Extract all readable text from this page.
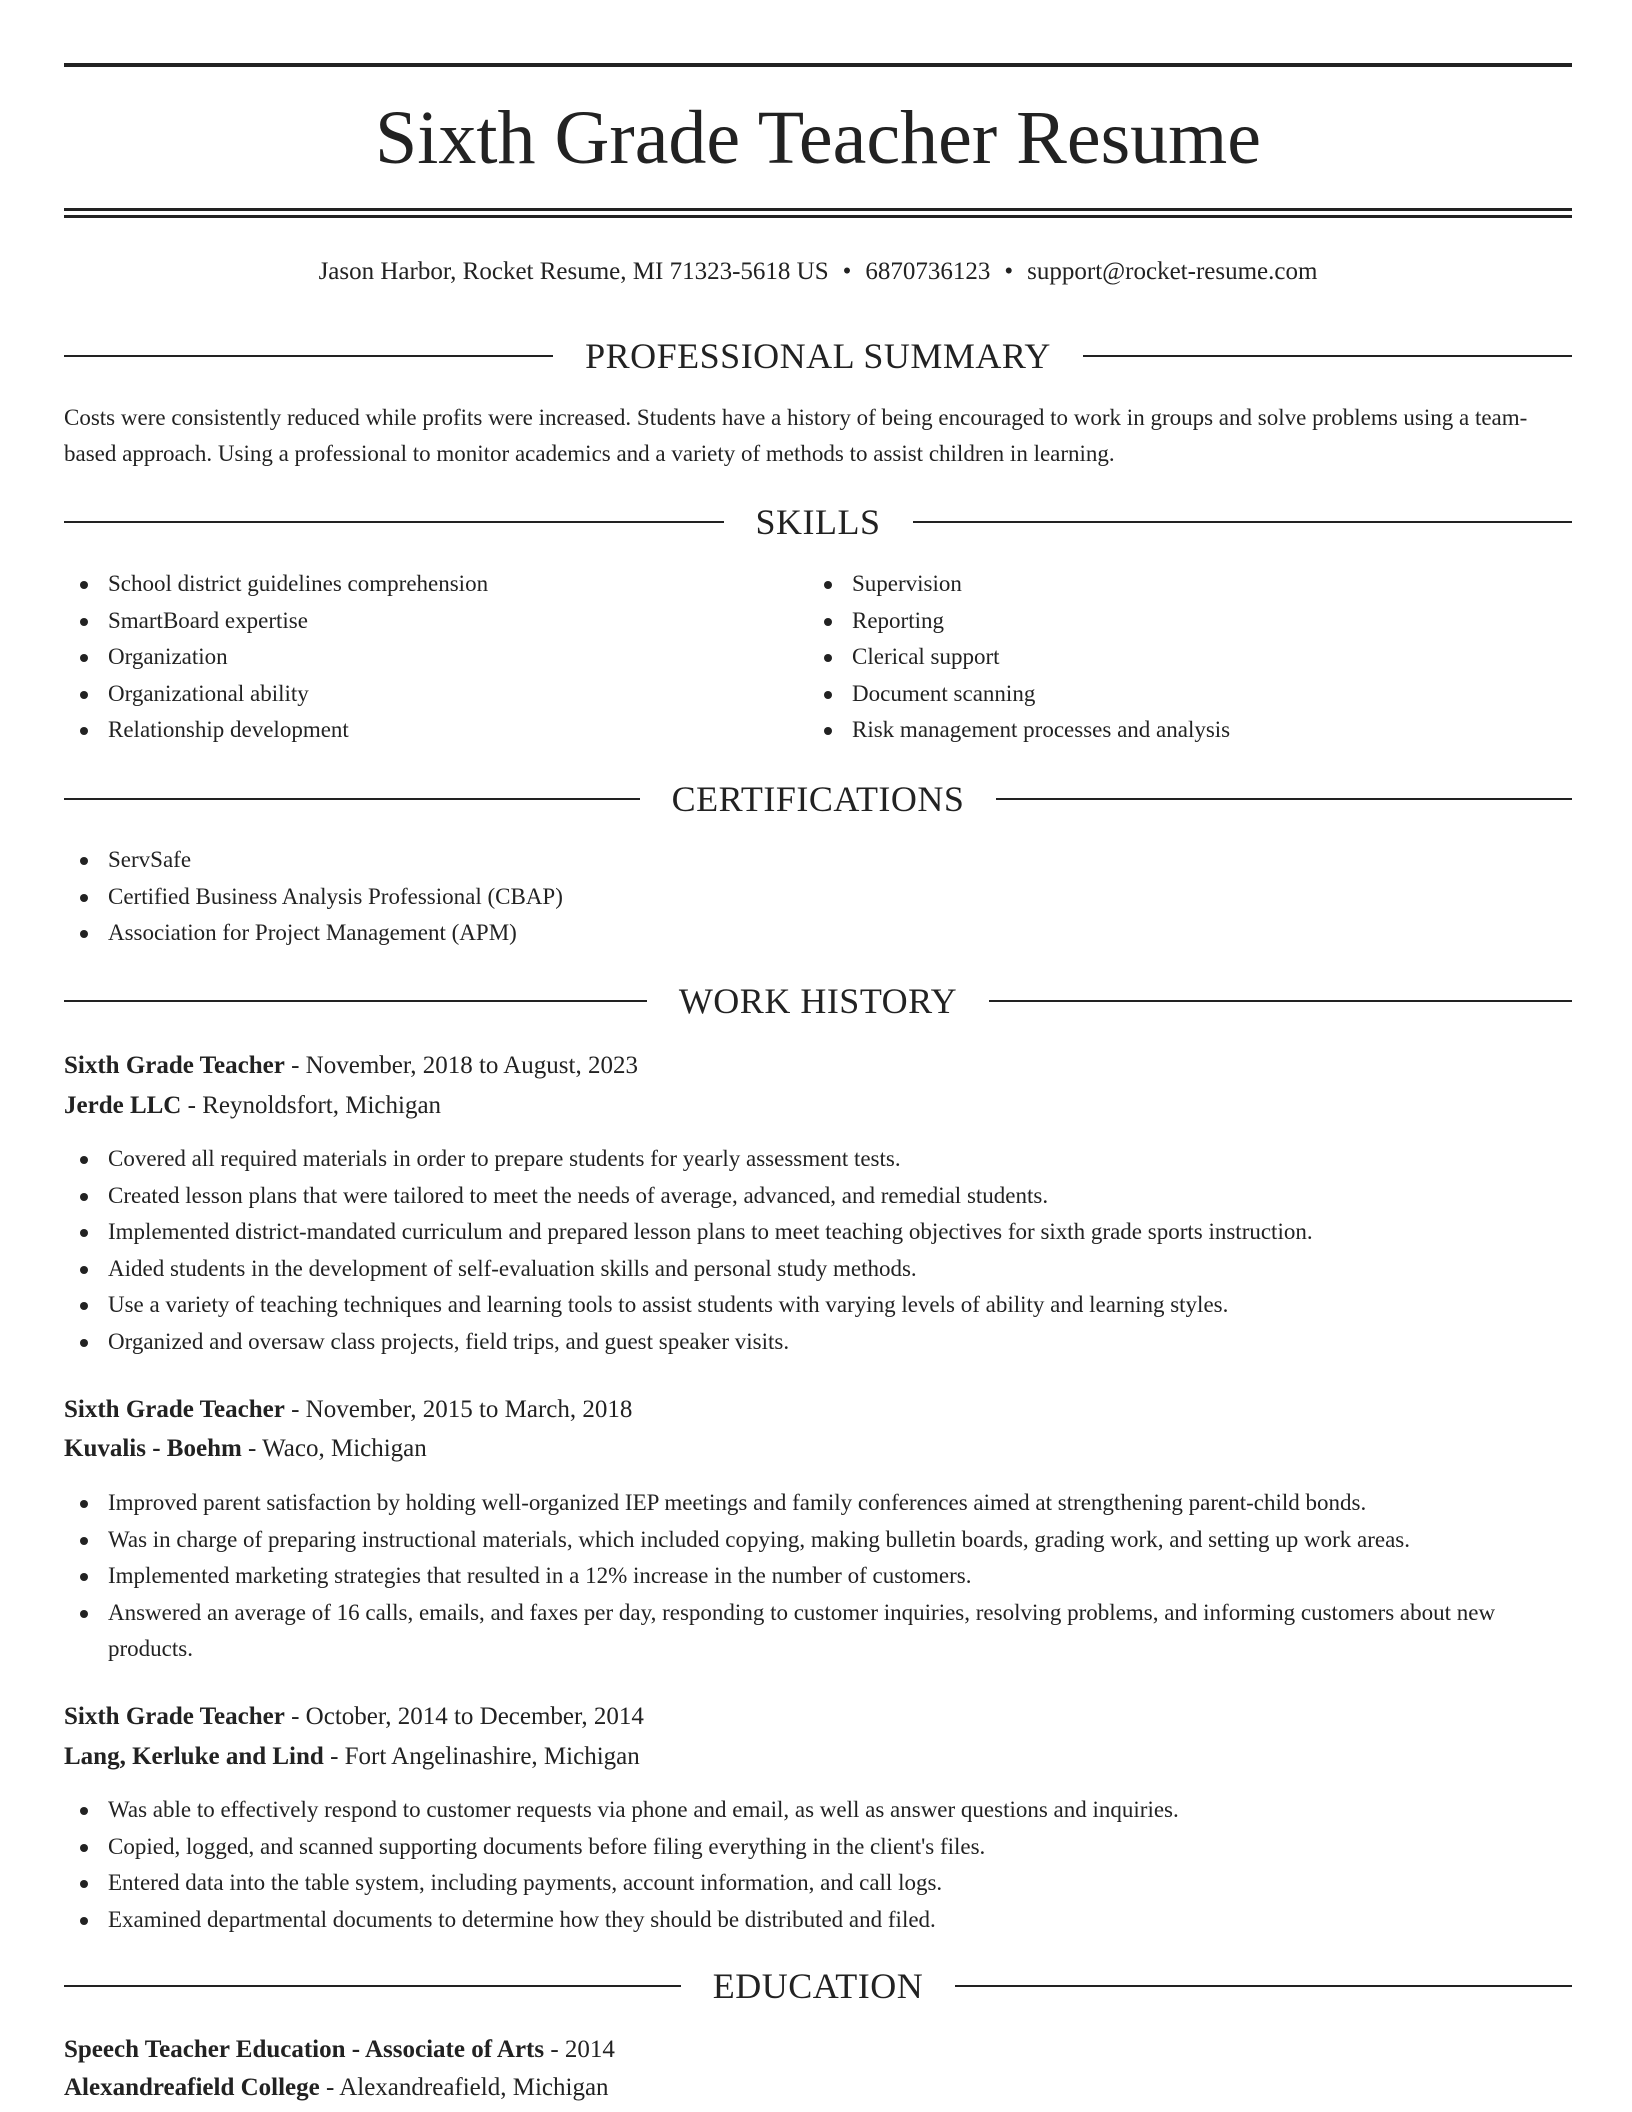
Sixth Grade Teacher Resume
Jason Harbor, Rocket Resume, MI 71323-5618 US • 6870736123 • support@rocket-resume.com
PROFESSIONAL SUMMARY

Costs were consistently reduced while profits were increased. Students have a history of being encouraged to work in groups and solve problems using a team-based approach. Using a professional to monitor academics and a variety of methods to assist children in learning.

SKILLS
School district guidelines comprehension
SmartBoard expertise
Organization
Organizational ability
Relationship development
Supervision
Reporting
Clerical support
Document scanning
Risk management processes and analysis
CERTIFICATIONS
ServSafe
Certified Business Analysis Professional (CBAP)
Association for Project Management (APM)
WORK HISTORY
Sixth Grade Teacher - November, 2018 to August, 2023
Jerde LLC - Reynoldsfort, Michigan
Covered all required materials in order to prepare students for yearly assessment tests.
Created lesson plans that were tailored to meet the needs of average, advanced, and remedial students.
Implemented district-mandated curriculum and prepared lesson plans to meet teaching objectives for sixth grade sports instruction.
Aided students in the development of self-evaluation skills and personal study methods.
Use a variety of teaching techniques and learning tools to assist students with varying levels of ability and learning styles.
Organized and oversaw class projects, field trips, and guest speaker visits.
Sixth Grade Teacher - November, 2015 to March, 2018
Kuvalis - Boehm - Waco, Michigan
Improved parent satisfaction by holding well-organized IEP meetings and family conferences aimed at strengthening parent-child bonds.
Was in charge of preparing instructional materials, which included copying, making bulletin boards, grading work, and setting up work areas.
Implemented marketing strategies that resulted in a 12% increase in the number of customers.
Answered an average of 16 calls, emails, and faxes per day, responding to customer inquiries, resolving problems, and informing customers about new products.
Sixth Grade Teacher - October, 2014 to December, 2014
Lang, Kerluke and Lind - Fort Angelinashire, Michigan
Was able to effectively respond to customer requests via phone and email, as well as answer questions and inquiries.
Copied, logged, and scanned supporting documents before filing everything in the client's files.
Entered data into the table system, including payments, account information, and call logs.
Examined departmental documents to determine how they should be distributed and filed.
EDUCATION
Speech Teacher Education - Associate of Arts - 2014
Alexandreafield College - Alexandreafield, Michigan
